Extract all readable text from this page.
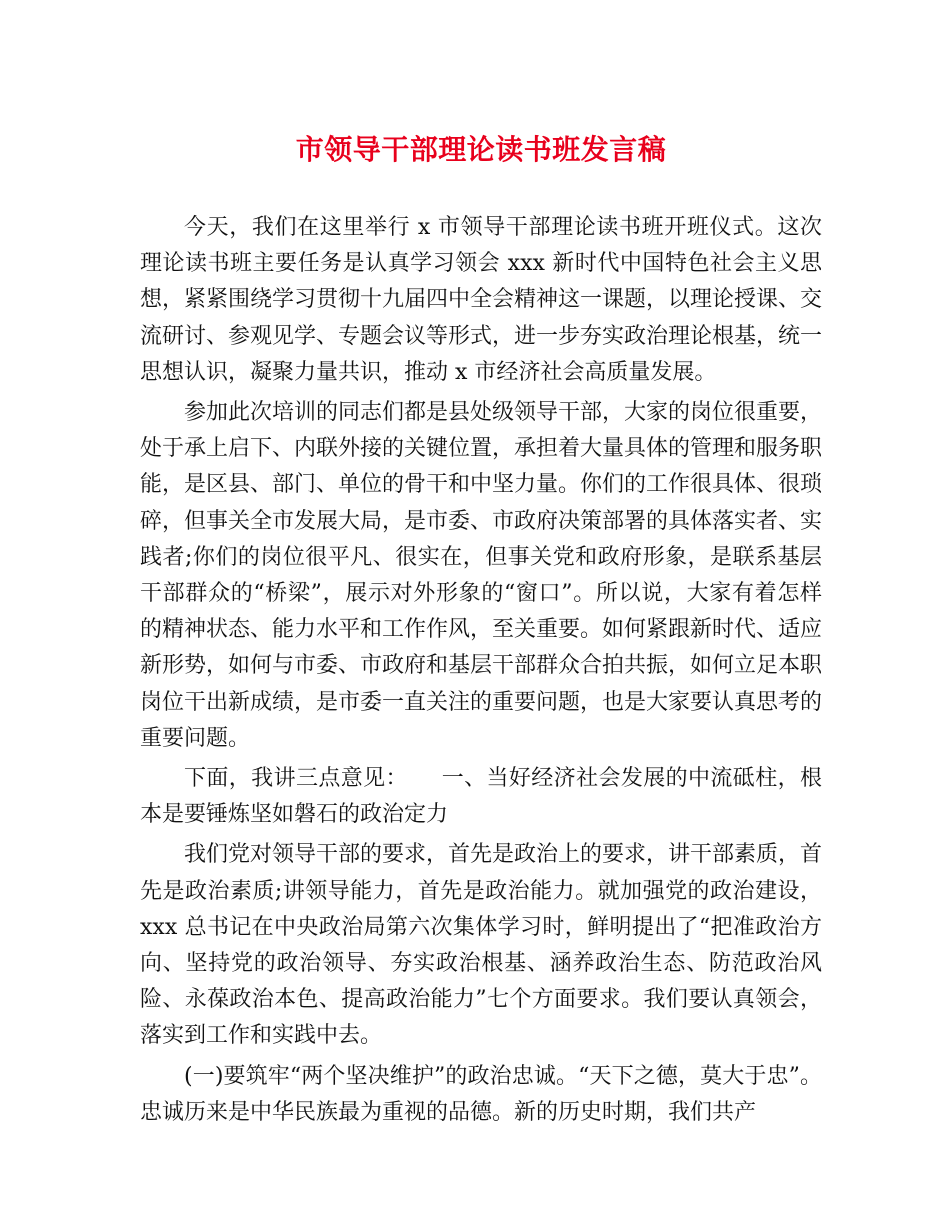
市领导干部理论读书班发言稿

今天，我们在这里举行 x 市领导干部理论读书班开班仪式。这次理论读书班主要任务是认真学习领会 xxx 新时代中国特色社会主义思想，紧紧围绕学习贯彻十九届四中全会精神这一课题，以理论授课、交流研讨、参观见学、专题会议等形式，进一步夯实政治理论根基，统一思想认识，凝聚力量共识，推动 x 市经济社会高质量发展。

参加此次培训的同志们都是县处级领导干部，大家的岗位很重要，处于承上启下、内联外接的关键位置，承担着大量具体的管理和服务职能，是区县、部门、单位的骨干和中坚力量。你们的工作很具体、很琐碎，但事关全市发展大局，是市委、市政府决策部署的具体落实者、实践者;你们的岗位很平凡、很实在，但事关党和政府形象，是联系基层干部群众的“桥梁”，展示对外形象的“窗口”。所以说，大家有着怎样的精神状态、能力水平和工作作风，至关重要。如何紧跟新时代、适应新形势，如何与市委、市政府和基层干部群众合拍共振，如何立足本职岗位干出新成绩，是市委一直关注的重要问题，也是大家要认真思考的重要问题。

下面，我讲三点意见：　　一、当好经济社会发展的中流砥柱，根本是要锤炼坚如磐石的政治定力

我们党对领导干部的要求，首先是政治上的要求，讲干部素质，首先是政治素质;讲领导能力，首先是政治能力。就加强党的政治建设，xxx 总书记在中央政治局第六次集体学习时，鲜明提出了“把准政治方向、坚持党的政治领导、夯实政治根基、涵养政治生态、防范政治风险、永葆政治本色、提高政治能力”七个方面要求。我们要认真领会，落实到工作和实践中去。

(一)要筑牢“两个坚决维护”的政治忠诚。“天下之德，莫大于忠”。忠诚历来是中华民族最为重视的品德。新的历史时期，我们共产
